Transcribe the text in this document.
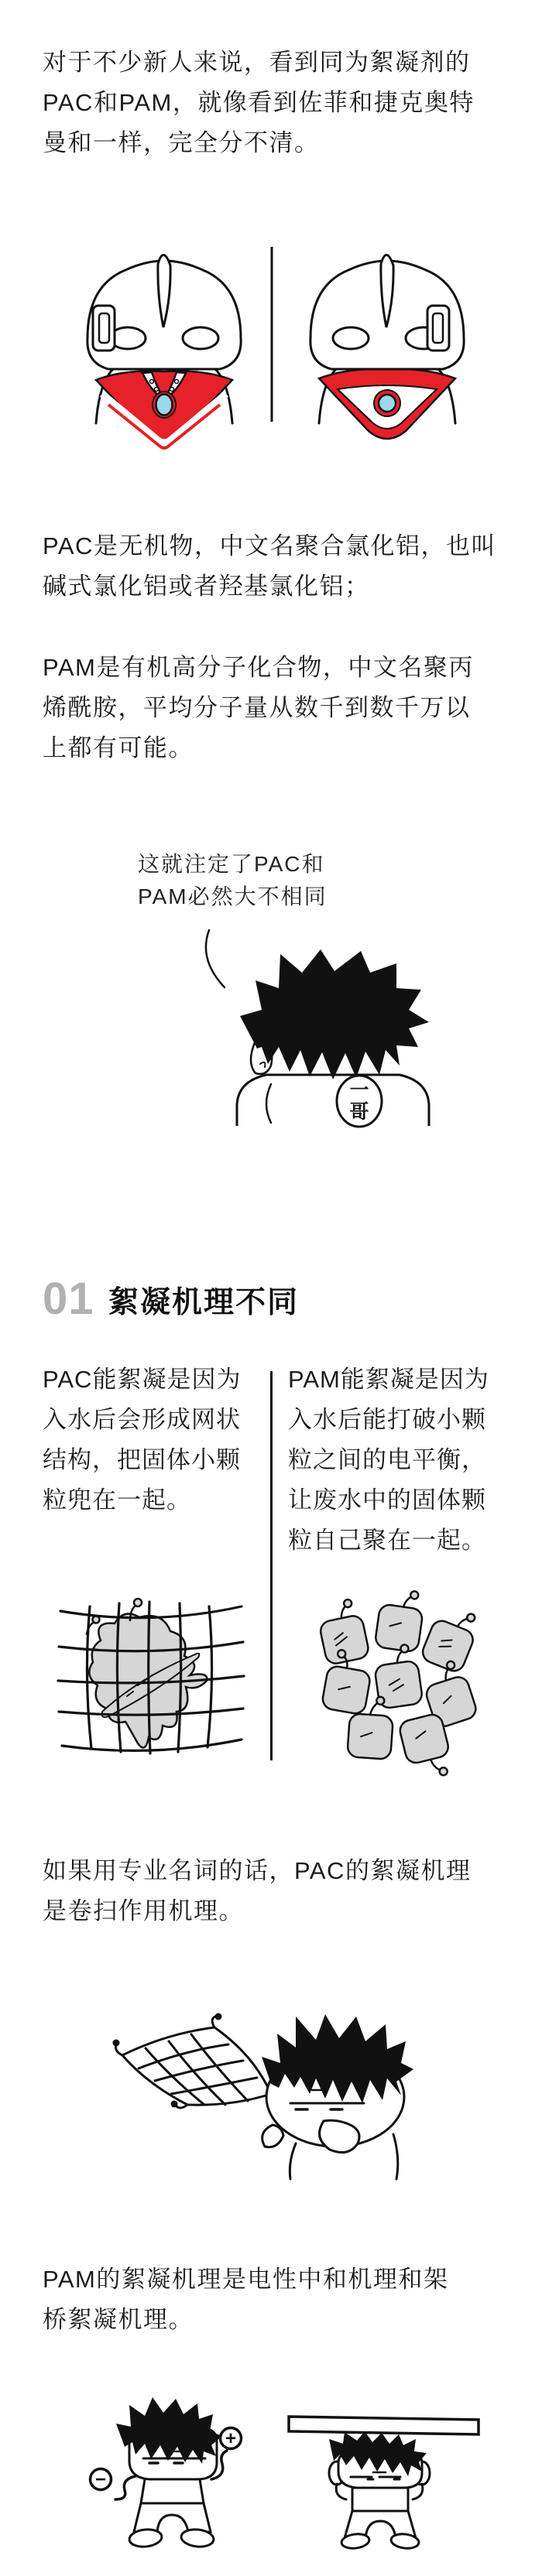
对于不少新人来说，看到同为絮凝剂的
PAC和PAM，就像看到佐菲和捷克奥特
曼和一样，完全分不清。
PAC是无机物，中文名聚合氯化铝，也叫
碱式氯化铝或者羟基氯化铝；
PAM是有机高分子化合物，中文名聚丙
烯酰胺，平均分子量从数千到数千万以
上都有可能。
这就注定了PAC和
PAM必然大不相同
一
哥
01 絮凝机理不同
PAC能絮凝是因为
入水后会形成网状
结构，把固体小颗
粒兜在一起。
PAM能絮凝是因为
入水后能打破小颗
粒之间的电平衡，
让废水中的固体颗
粒自己聚在一起。
如果用专业名词的话，PAC的絮凝机理
是卷扫作用机理。
PAM的絮凝机理是电性中和机理和架
桥絮凝机理。
−
+
